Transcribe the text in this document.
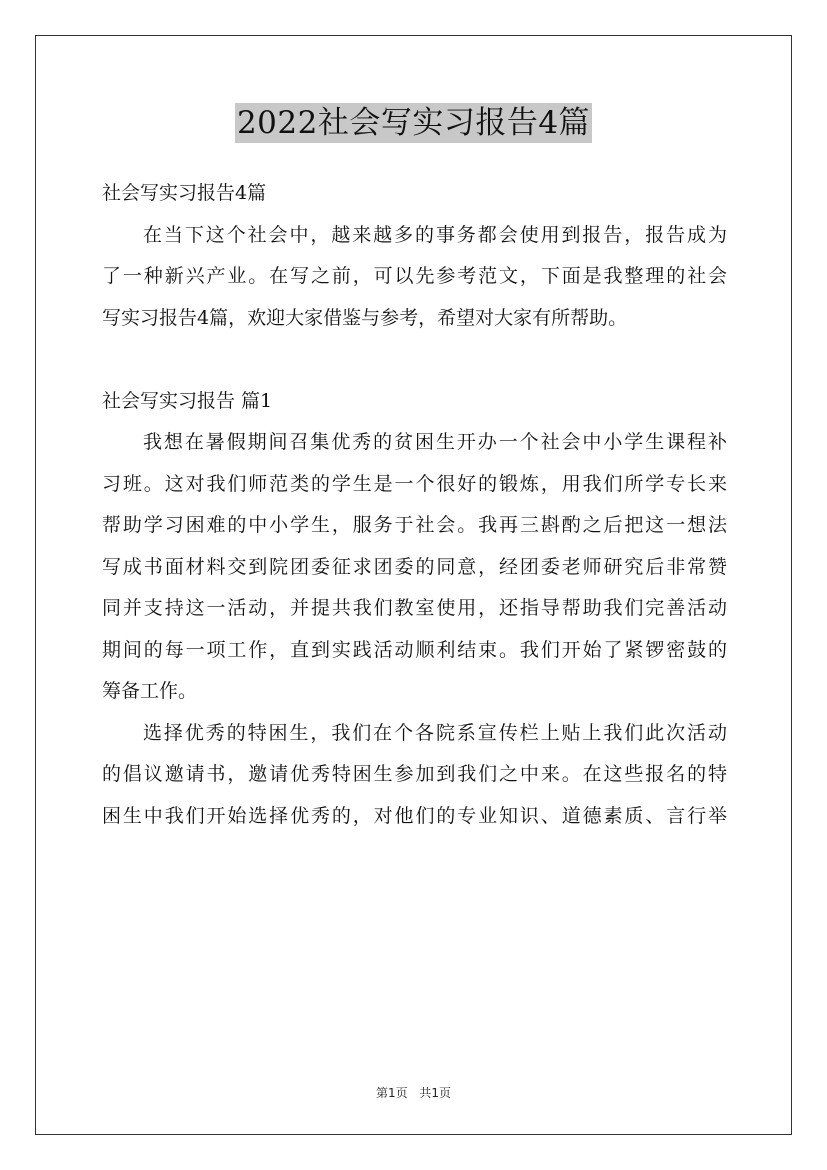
2022社会写实习报告4篇
社会写实习报告4篇
在当下这个社会中，越来越多的事务都会使用到报告，报告成为
了一种新兴产业。在写之前，可以先参考范文，下面是我整理的社会
写实习报告4篇，欢迎大家借鉴与参考，希望对大家有所帮助。
社会写实习报告 篇1
我想在暑假期间召集优秀的贫困生开办一个社会中小学生课程补
习班。这对我们师范类的学生是一个很好的锻炼，用我们所学专长来
帮助学习困难的中小学生，服务于社会。我再三斟酌之后把这一想法
写成书面材料交到院团委征求团委的同意，经团委老师研究后非常赞
同并支持这一活动，并提共我们教室使用，还指导帮助我们完善活动
期间的每一项工作，直到实践活动顺利结束。我们开始了紧锣密鼓的
筹备工作。
选择优秀的特困生，我们在个各院系宣传栏上贴上我们此次活动
的倡议邀请书，邀请优秀特困生参加到我们之中来。在这些报名的特
困生中我们开始选择优秀的，对他们的专业知识、道德素质、言行举
第1页 共1页
